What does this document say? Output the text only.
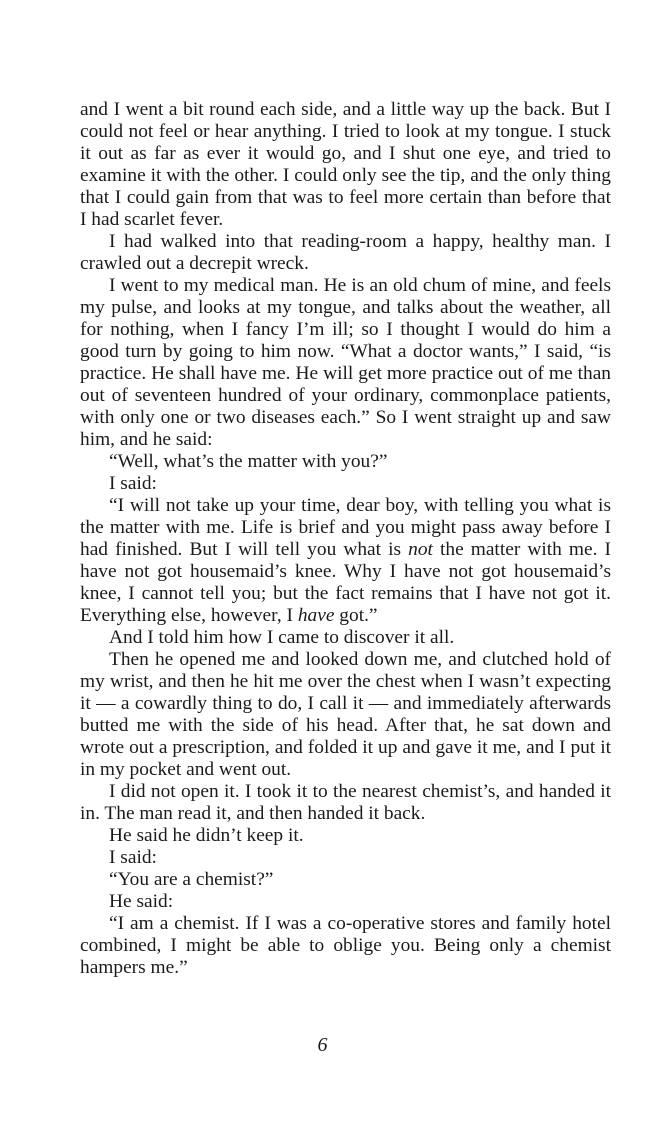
and I went a bit round each side, and a little way up the back. But I could not feel or hear anything. I tried to look at my tongue. I stuck it out as far as ever it would go, and I shut one eye, and tried to examine it with the other. I could only see the tip, and the only thing that I could gain from that was to feel more certain than before that I had scarlet fever.

I had walked into that reading-room a happy, healthy man. I crawled out a decrepit wreck.

I went to my medical man. He is an old chum of mine, and feels my pulse, and looks at my tongue, and talks about the weather, all for nothing, when I fancy I’m ill; so I thought I would do him a good turn by going to him now. “What a doctor wants,” I said, “is practice. He shall have me. He will get more practice out of me than out of seventeen hundred of your ordinary, commonplace patients, with only one or two diseases each.” So I went straight up and saw him, and he said:

“Well, what’s the matter with you?”

I said:

“I will not take up your time, dear boy, with telling you what is the matter with me. Life is brief and you might pass away before I had finished. But I will tell you what is not the matter with me. I have not got housemaid’s knee. Why I have not got housemaid’s knee, I cannot tell you; but the fact remains that I have not got it. Everything else, however, I have got.”

And I told him how I came to discover it all.

Then he opened me and looked down me, and clutched hold of my wrist, and then he hit me over the chest when I wasn’t expecting it — a cowardly thing to do, I call it — and immediately afterwards butted me with the side of his head. After that, he sat down and wrote out a prescription, and folded it up and gave it me, and I put it in my pocket and went out.

I did not open it. I took it to the nearest chemist’s, and handed it in. The man read it, and then handed it back.

He said he didn’t keep it.

I said:

“You are a chemist?”

He said:

“I am a chemist. If I was a co-operative stores and family hotel combined, I might be able to oblige you. Being only a chemist hampers me.”

6
